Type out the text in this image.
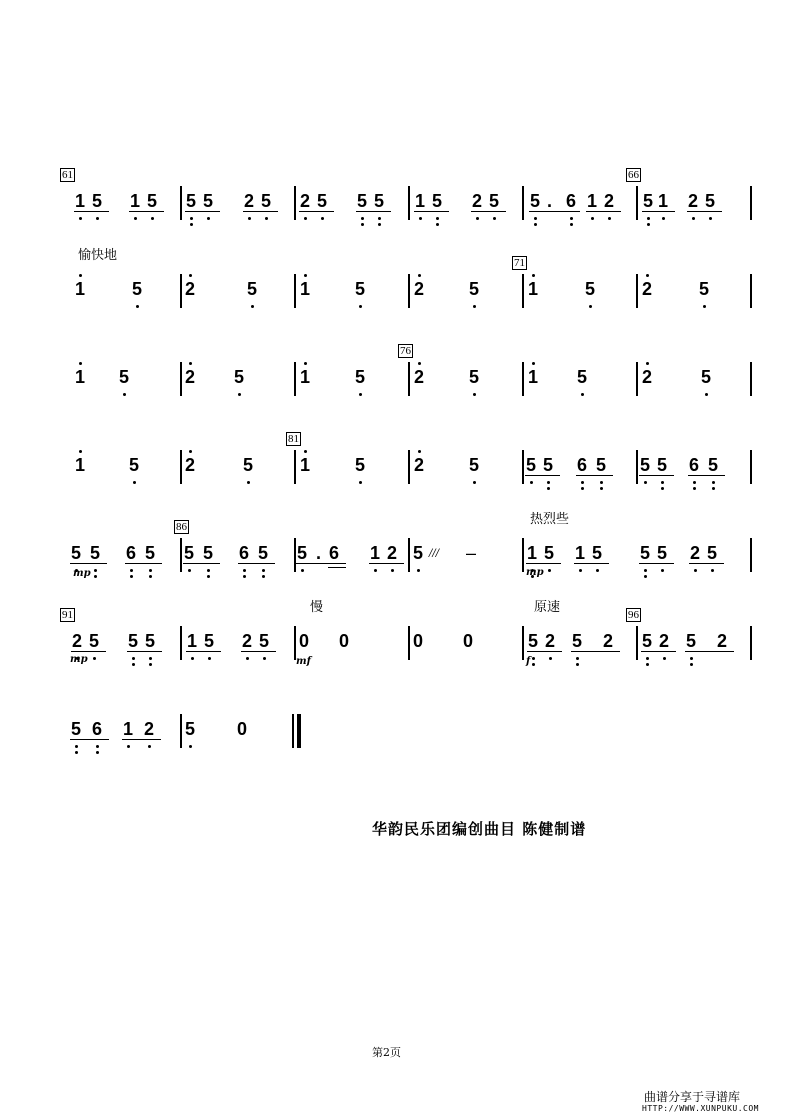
1 5 1 5 5 5 2 5 2 5 5 5 1 5 2 5 5 6 1 2 5 1 2 5
.
61	66
1	5 2	5 1 5	2 5	1	5	2	5
71
愉快地
1 5	2 5	1 5	2 5	1 5	2	5
76
1 5	2	5	1 5	2 5	5 5 6 5 5 5 6 5
81
5 5 6 5 5 5 6 5 5 6 1 2 5	1 5 1 5 5 5 2 5
.	–
///
86	热烈些
mp	mp
2 5 5 5 1 5 2 5 0 0	0 0	5 2 5 2 5 2 5 2
91	96
慢	原速
mp	mf	f
5 6 1 2 5 0
华韵民乐团编创曲目 陈健制谱
第2页
曲谱分享于寻谱库
HTTP://WWW.XUNPUKU.COM
